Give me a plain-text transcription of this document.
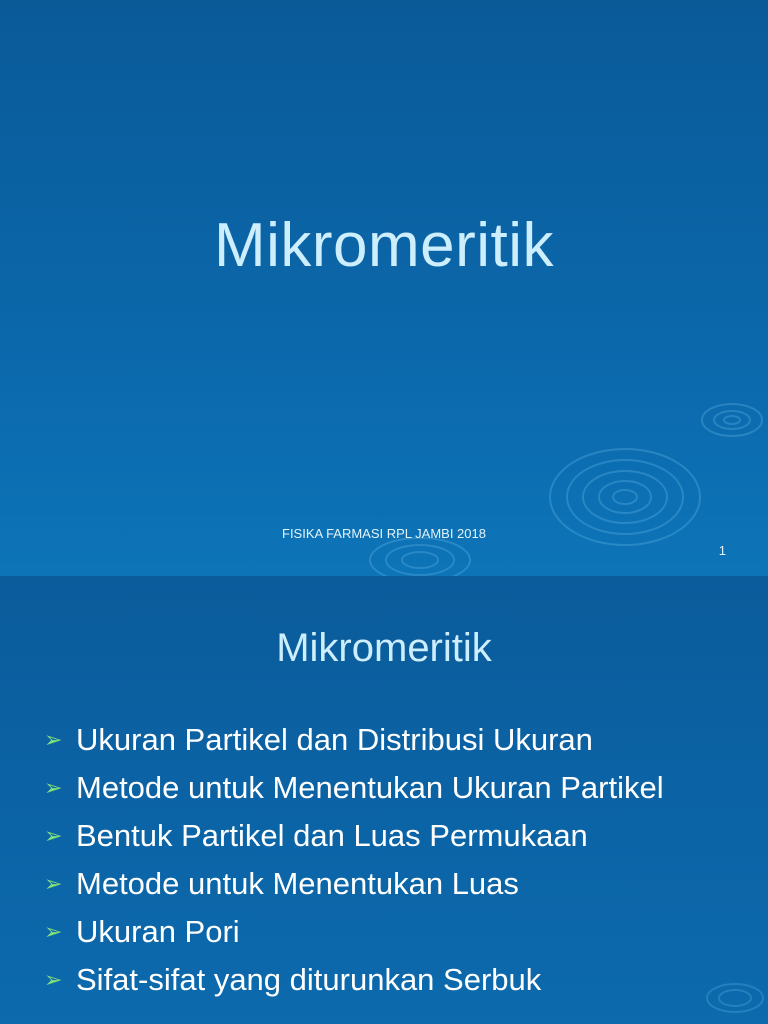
Mikromeritik
FISIKA FARMASI RPL JAMBI 2018
1
Mikromeritik
➢ Ukuran Partikel dan Distribusi Ukuran
➢ Metode untuk Menentukan Ukuran Partikel
➢ Bentuk Partikel dan Luas Permukaan
➢ Metode untuk Menentukan Luas
➢ Ukuran Pori
➢ Sifat-sifat yang diturunkan Serbuk
